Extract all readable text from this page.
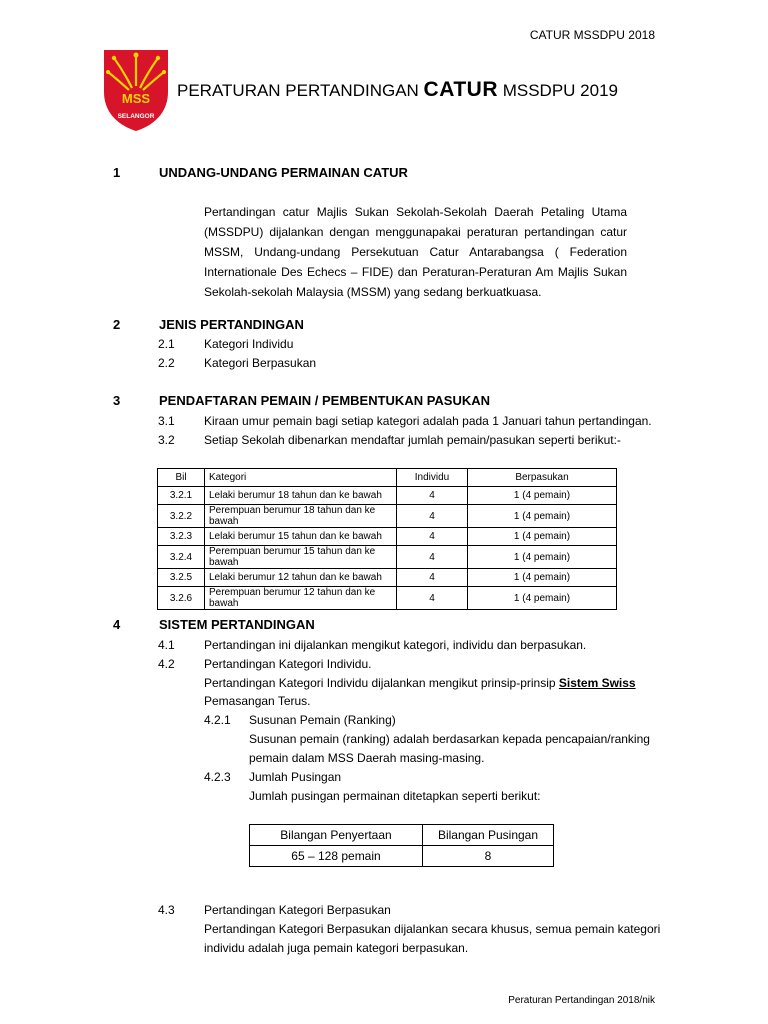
CATUR MSSDPU 2018
MSS
SELANGOR
PERATURAN PERTANDINGAN CATUR MSSDPU 2019
1	UNDANG-UNDANG PERMAINAN CATUR
Pertandingan catur Majlis Sukan Sekolah-Sekolah Daerah Petaling Utama (MSSDPU) dijalankan dengan menggunapakai peraturan pertandingan catur MSSM, Undang-undang Persekutuan Catur Antarabangsa ( Federation Internationale Des Echecs – FIDE) dan Peraturan-Peraturan Am Majlis Sukan Sekolah-sekolah Malaysia (MSSM) yang sedang berkuatkuasa.
2	JENIS PERTANDINGAN
2.1 Kategori Individu
2.2 Kategori Berpasukan
3	PENDAFTARAN PEMAIN / PEMBENTUKAN PASUKAN
3.1 Kiraan umur pemain bagi setiap kategori adalah pada 1 Januari tahun pertandingan.
3.2 Setiap Sekolah dibenarkan mendaftar jumlah pemain/pasukan seperti berikut:-
Bil	Kategori	Individu	Berpasukan
3.2.1	Lelaki berumur 18 tahun dan ke bawah	4	1 (4 pemain)
3.2.2	Perempuan berumur 18 tahun dan ke bawah	4	1 (4 pemain)
3.2.3	Lelaki berumur 15 tahun dan ke bawah	4	1 (4 pemain)
3.2.4	Perempuan berumur 15 tahun dan ke bawah	4	1 (4 pemain)
3.2.5	Lelaki berumur 12 tahun dan ke bawah	4	1 (4 pemain)
3.2.6	Perempuan berumur 12 tahun dan ke bawah	4	1 (4 pemain)
4	SISTEM PERTANDINGAN
4.1 Pertandingan ini dijalankan mengikut kategori, individu dan berpasukan.
4.2 Pertandingan Kategori Individu.
Pertandingan Kategori Individu dijalankan mengikut prinsip-prinsip Sistem Swiss
Pemasangan Terus.
4.2.1 Susunan Pemain (Ranking)
Susunan pemain (ranking) adalah berdasarkan kepada pencapaian/ranking
pemain dalam MSS Daerah masing-masing.
4.2.3 Jumlah Pusingan
Jumlah pusingan permainan ditetapkan seperti berikut:
Bilangan Penyertaan	Bilangan Pusingan
65 – 128 pemain	8
4.3 Pertandingan Kategori Berpasukan
Pertandingan Kategori Berpasukan dijalankan secara khusus, semua pemain kategori
individu adalah juga pemain kategori berpasukan.
Peraturan Pertandingan 2018/nik
